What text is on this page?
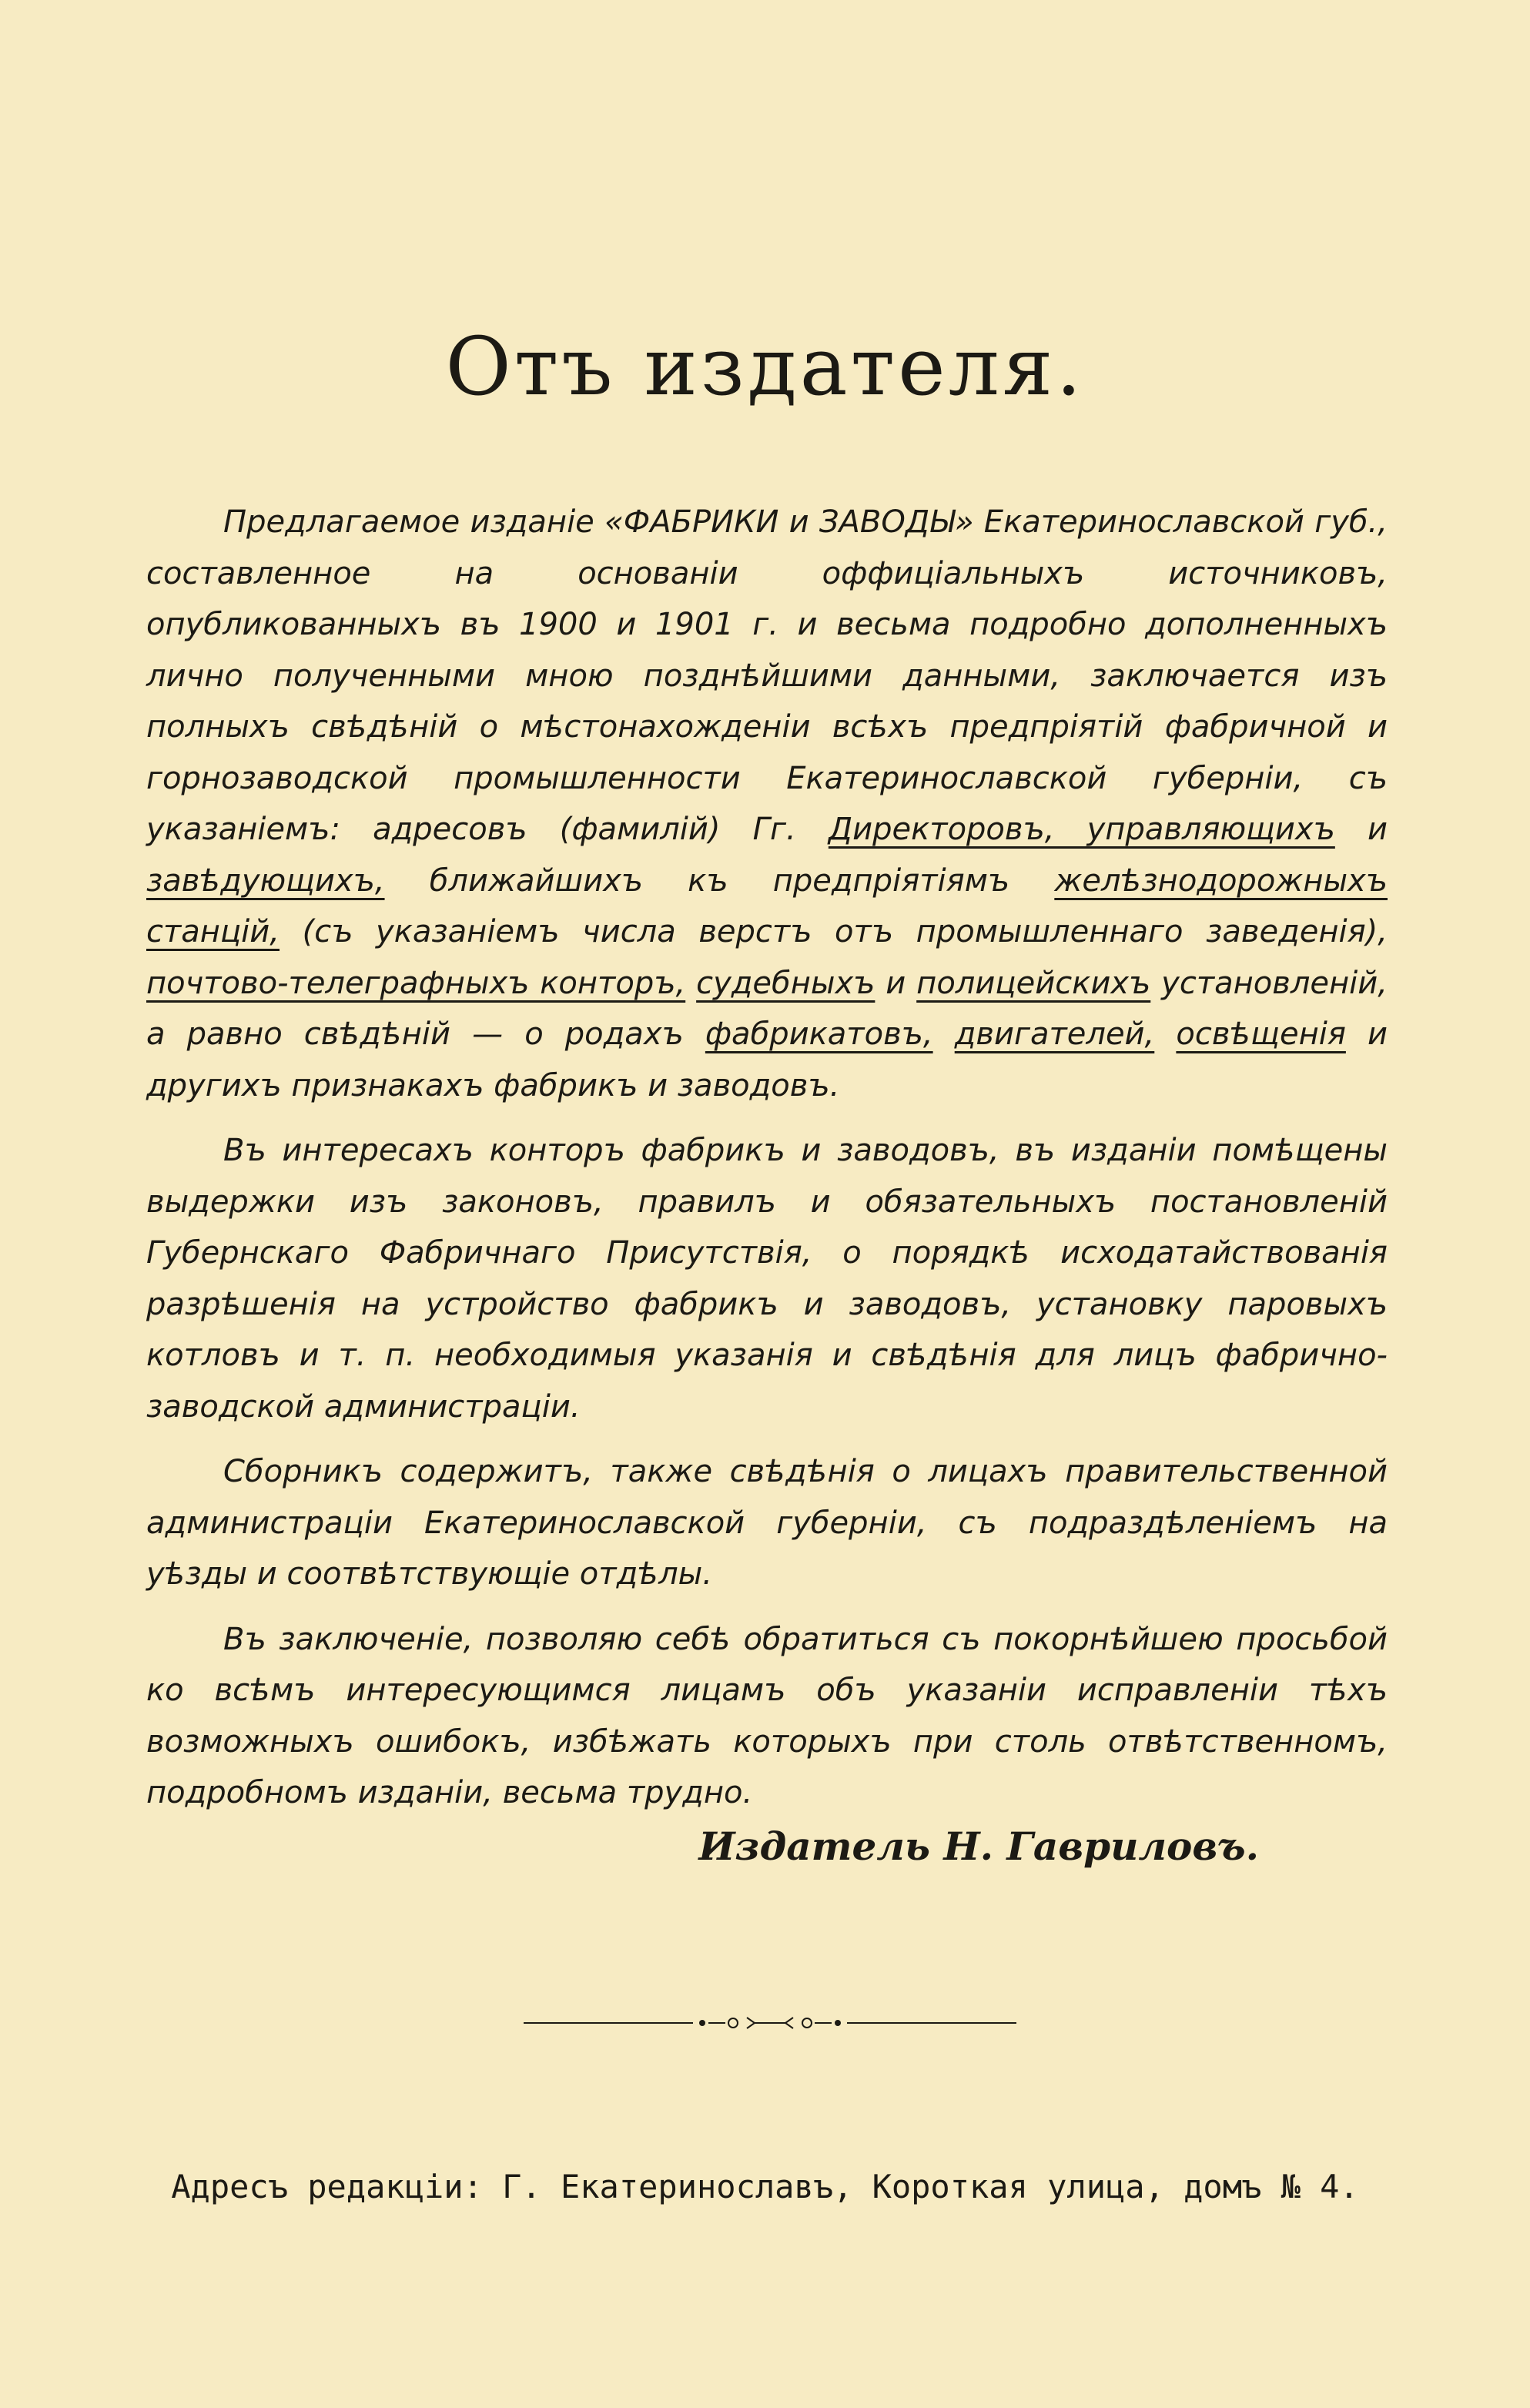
Отъ издателя.

Предлагаемое изданіе «ФАБРИКИ и ЗАВОДЫ» Екатеринославской губ., составленное на основаніи оффиціальныхъ источниковъ, опубликованныхъ въ 1900 и 1901 г. и весьма подробно дополненныхъ лично полученными мною позднѣйшими данными, заключается изъ полныхъ свѣдѣній о мѣстонахожденіи всѣхъ предпріятій фабричной и горнозаводской промышленности Екатеринославской губерніи, съ указаніемъ: адресовъ (фамилій) Гг. Директоровъ, управляющихъ и завѣдующихъ, ближайшихъ къ предпріятіямъ желѣзнодорожныхъ станцій, (съ указаніемъ числа верстъ отъ промышленнаго заведенія), почтово-телеграфныхъ конторъ, судебныхъ и полицейскихъ установленій, а равно свѣдѣній — о родахъ фабрикатовъ, двигателей, освѣщенія и другихъ признакахъ фабрикъ и заводовъ.

Въ интересахъ конторъ фабрикъ и заводовъ, въ изданіи помѣщены выдержки изъ законовъ, правилъ и обязательныхъ постановленій Губернскаго Фабричнаго Присутствія, о порядкѣ исходатайствованія разрѣшенія на устройство фабрикъ и заводовъ, установку паровыхъ котловъ и т. п. необходимыя указанія и свѣдѣнія для лицъ фабрично-заводской администраціи.

Сборникъ содержитъ, также свѣдѣнія о лицахъ правительственной администраціи Екатеринославской губерніи, съ подраздѣленіемъ на уѣзды и соотвѣтствующіе отдѣлы.

Въ заключеніе, позволяю себѣ обратиться съ покорнѣйшею просьбой ко всѣмъ интересующимся лицамъ объ указаніи исправленіи тѣхъ возможныхъ ошибокъ, избѣжать которыхъ при столь отвѣтственномъ, подробномъ изданіи, весьма трудно.

Издатель Н. Гавриловъ.
Адресъ редакціи: Г. Екатеринославъ, Короткая улица, домъ № 4.
